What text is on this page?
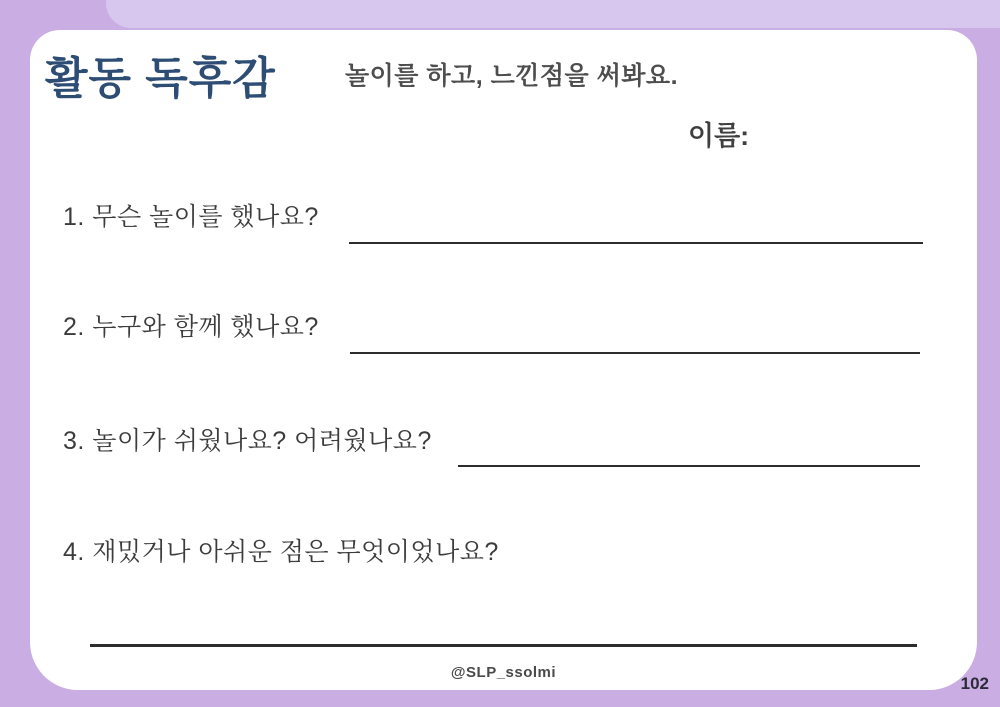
활동 독후감	놀이를 하고, 느낀점을 써봐요.
이름:
1. 무슨 놀이를 했나요?
2. 누구와 함께 했나요?
3. 놀이가 쉬웠나요? 어려웠나요?
4. 재밌거나 아쉬운 점은 무엇이었나요?
@SLP_ssolmi
102
